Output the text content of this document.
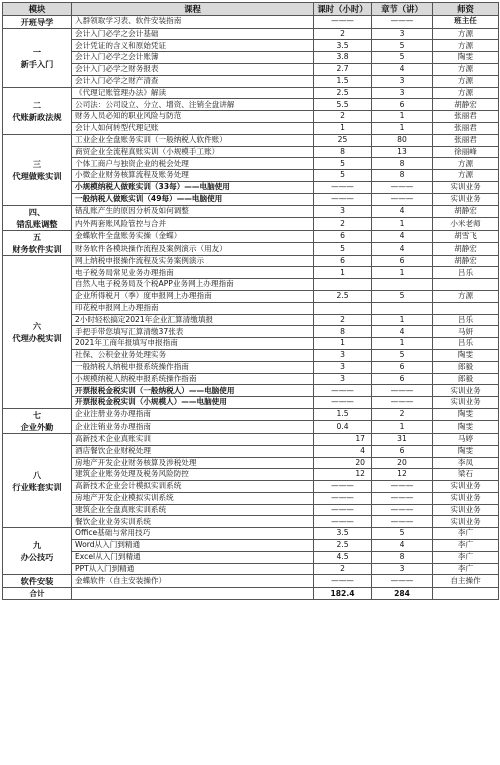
模块	课程	课时（小时）	章节（讲）	师资

开班导学	入群领取学习表、软件安装指南	———	———	班主任

一
新手入门	会计入门必学之会计基础	2	3	方源
	会计凭证的含义和原始凭证	3.5	5	方源
	会计入门必学之会计账簿	3.8	5	陶雯
	会计入门必学之财务报表	2.7	4	方源
	会计入门必学之财产清查	1.5	3	方源

二
代账新政法规	《代理记账管理办法》解读	2.5	3	方源
	公司法：公司设立、分立、增资、注销全盘讲解	5.5	6	胡静宏
	财务人员必知的职业风险与防范	2	1	张丽君
	会计人如何转型代理记账	1	1	张丽君

三
代理做账实训	工业企业全盘账务实训（一般纳税人软件账）	25	80	张丽君
	商贸企业全流程真账实训（小规模手工账）	8	13	徐丽峰
	个体工商户与独资企业的税会处理	5	8	方源
	小微企业财务核算流程及账务处理	5	8	方源
	小规模纳税人做账实训（33每）——电脑使用	———	———	实训业务
	一般纳税人做账实训（49每）——电脑使用	———	———	实训业务

四、
错乱账调整	错乱账产生的原因分析及如何调整	3	4	胡静宏
	内外两套账风险管控与合并	2	1	小米老师

五
财务软件实训	金蝶软件全盘账务实操（金蝶）	6	4	胡雪飞
	财务软件各模块操作流程及案例演示（用友）	5	4	胡静宏

六
代理办税实训	网上纳税申报操作流程及实务案例演示	6	6	胡静宏
	电子税务局常见业务办理指南	1	1	吕乐
	自然人电子税务局及个税APP业务网上办理指南			
	企业所得税月（季）度申报网上办理指南	2.5	5	方源
	印花税申报网上办理指南			
	2小时轻松搞定2021年企业汇算清缴填报	2	1	吕乐
	手把手带您填写汇算清缴37张表	8	4	马妍
	2021年工商年报填写申报指南	1	1	吕乐
	社保、公积金业务处理实务	3	5	陶雯
	一般纳税人纳税申报系统操作指南	3	6	郎毅
	小规模纳税人纳税申报系统操作指南	3	6	郎毅
	开票报税金税实训（一般纳税人）——电脑使用	———	———	实训业务
	开票报税金税实训（小规模人）——电脑使用	———	———	实训业务

七
企业外勤	企业注册业务办理指南	1.5	2	陶雯
	企业注销业务办理指南	0.4	1	陶雯

八
行业账套实训	高新技术企业真账实训	17	31	马婷
	酒店餐饮企业财税处理	4	6	陶雯
	房地产开发企业财务核算及涉税处理	20	20	李凤
	建筑企业账务处理及税务风险防控	12	12	梁石
	高新技术企业会计模拟实训系统	———	———	实训业务
	房地产开发企业模拟实训系统	———	———	实训业务
	建筑企业全盘真账实训系统	———	———	实训业务
	餐饮企业业务实训系统	———	———	实训业务

九
办公技巧	Office基础与常用技巧	3.5	5	李广
	Word从入门到精通	2.5	4	李广
	Excel从入门到精通	4.5	8	李广
	PPT从入门到精通	2	3	李广

软件安装	金蝶软件（自主安装操作）	———	———	自主操作
合计		182.4	284	
